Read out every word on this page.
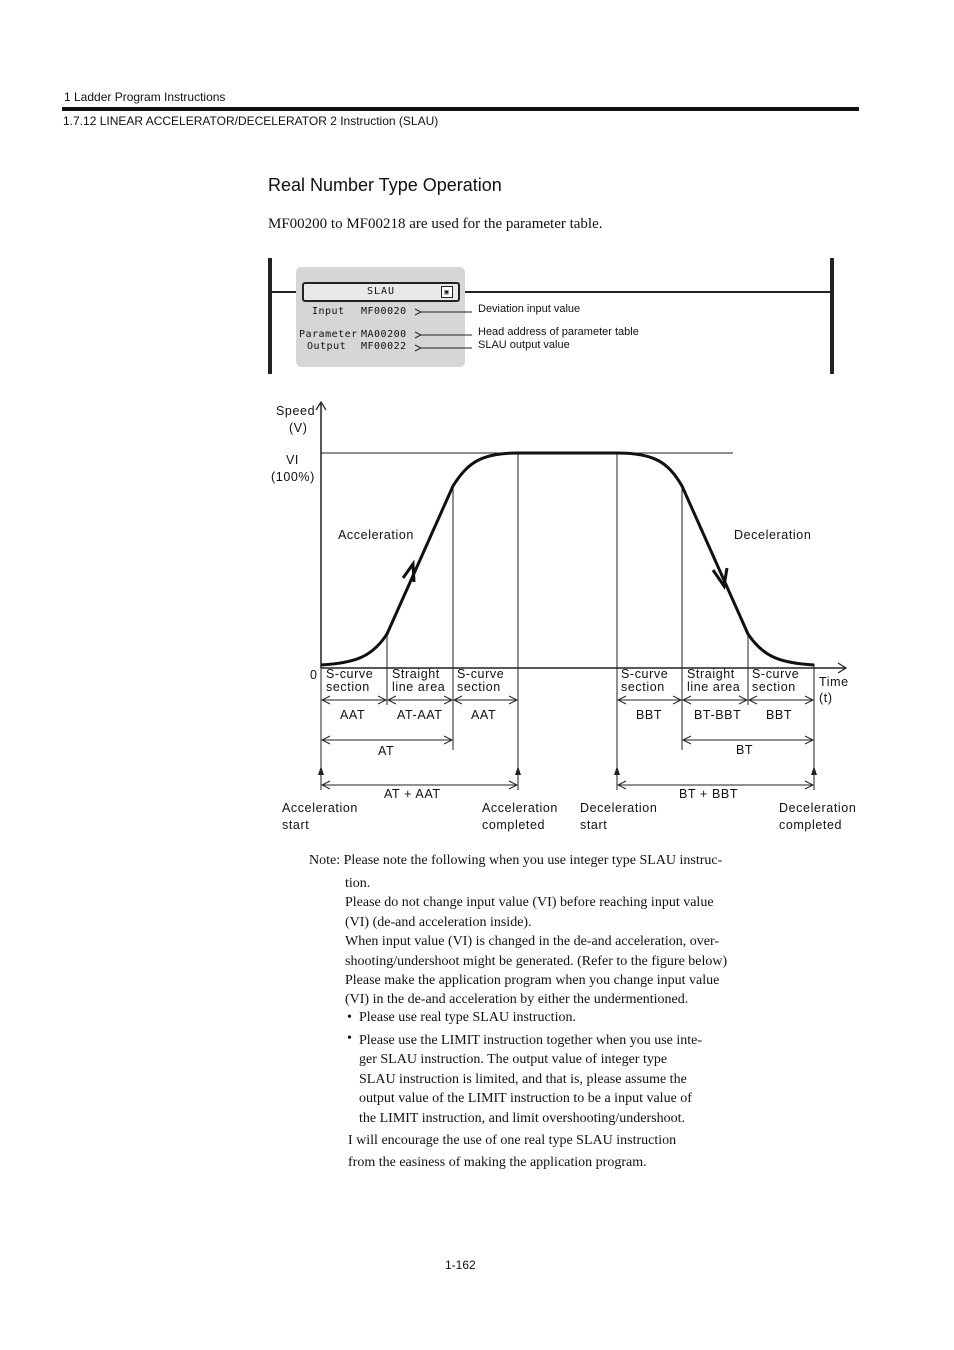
1 Ladder Program Instructions
1.7.12 LINEAR ACCELERATOR/DECELERATOR 2 Instruction (SLAU)
Real Number Type Operation
MF00200 to MF00218 are used for the parameter table.
SLAU	▣
Input MF00020
Parameter MA00200
Output MF00022
Deviation input value
Head address of parameter table
SLAU output value
Speed
(V)
VI
(100%)
0	Time
(t)
Acceleration	Deceleration
S-curve
section
Straight
line area
S-curve
section
S-curve
section
Straight
line area
S-curve
section
AAT	AT-AAT AAT	BBT	BT-BBT BBT
AT	BT
AT + AAT	BT + BBT
Acceleration
start
Acceleration
completed
Deceleration
start
Deceleration
completed
Note: Please note the following when you use integer type SLAU instruc-
tion.
Please do not change input value (VI) before reaching input value
(VI) (de-and acceleration inside).
When input value (VI) is changed in the de-and acceleration, over-
shooting/undershoot might be generated. (Refer to the figure below)
Please make the application program when you change input value
(VI) in the de-and acceleration by either the undermentioned.
• Please use real type SLAU instruction.
• Please use the LIMIT instruction together when you use inte-
ger SLAU instruction. The output value of integer type
SLAU instruction is limited, and that is, please assume the
output value of the LIMIT instruction to be a input value of
the LIMIT instruction, and limit overshooting/undershoot.
I will encourage the use of one real type SLAU instruction
from the easiness of making the application program.
1-162
